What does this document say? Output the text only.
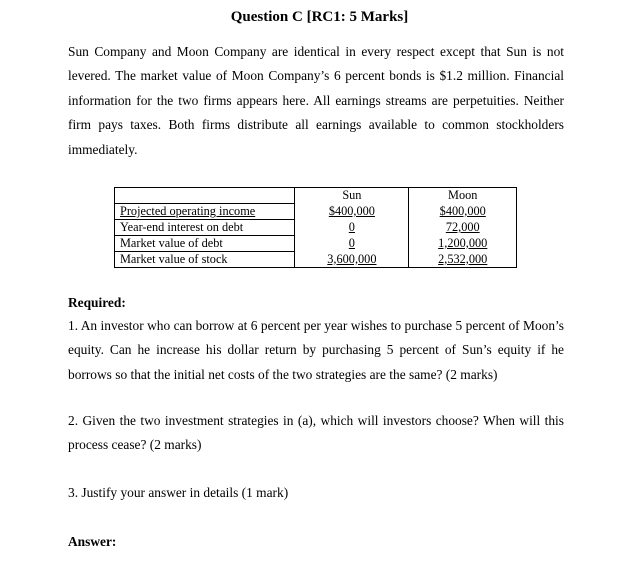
Question C [RC1: 5 Marks]
Sun Company and Moon Company are identical in every respect except that Sun is not levered. The market value of Moon Company’s 6 percent bonds is $1.2 million. Financial information for the two firms appears here. All earnings streams are perpetuities. Neither firm pays taxes. Both firms distribute all earnings available to common stockholders immediately.
	Sun	Moon
Projected operating income	$400,000	$400,000
Year-end interest on debt	0	72,000
Market value of debt	0	1,200,000
Market value of stock	3,600,000	2,532,000
Required:
1. An investor who can borrow at 6 percent per year wishes to purchase 5 percent of Moon’s equity. Can he increase his dollar return by purchasing 5 percent of Sun’s equity if he borrows so that the initial net costs of the two strategies are the same? (2 marks)
2. Given the two investment strategies in (a), which will investors choose? When will this process cease? (2 marks)
3. Justify your answer in details (1 mark)
Answer:
